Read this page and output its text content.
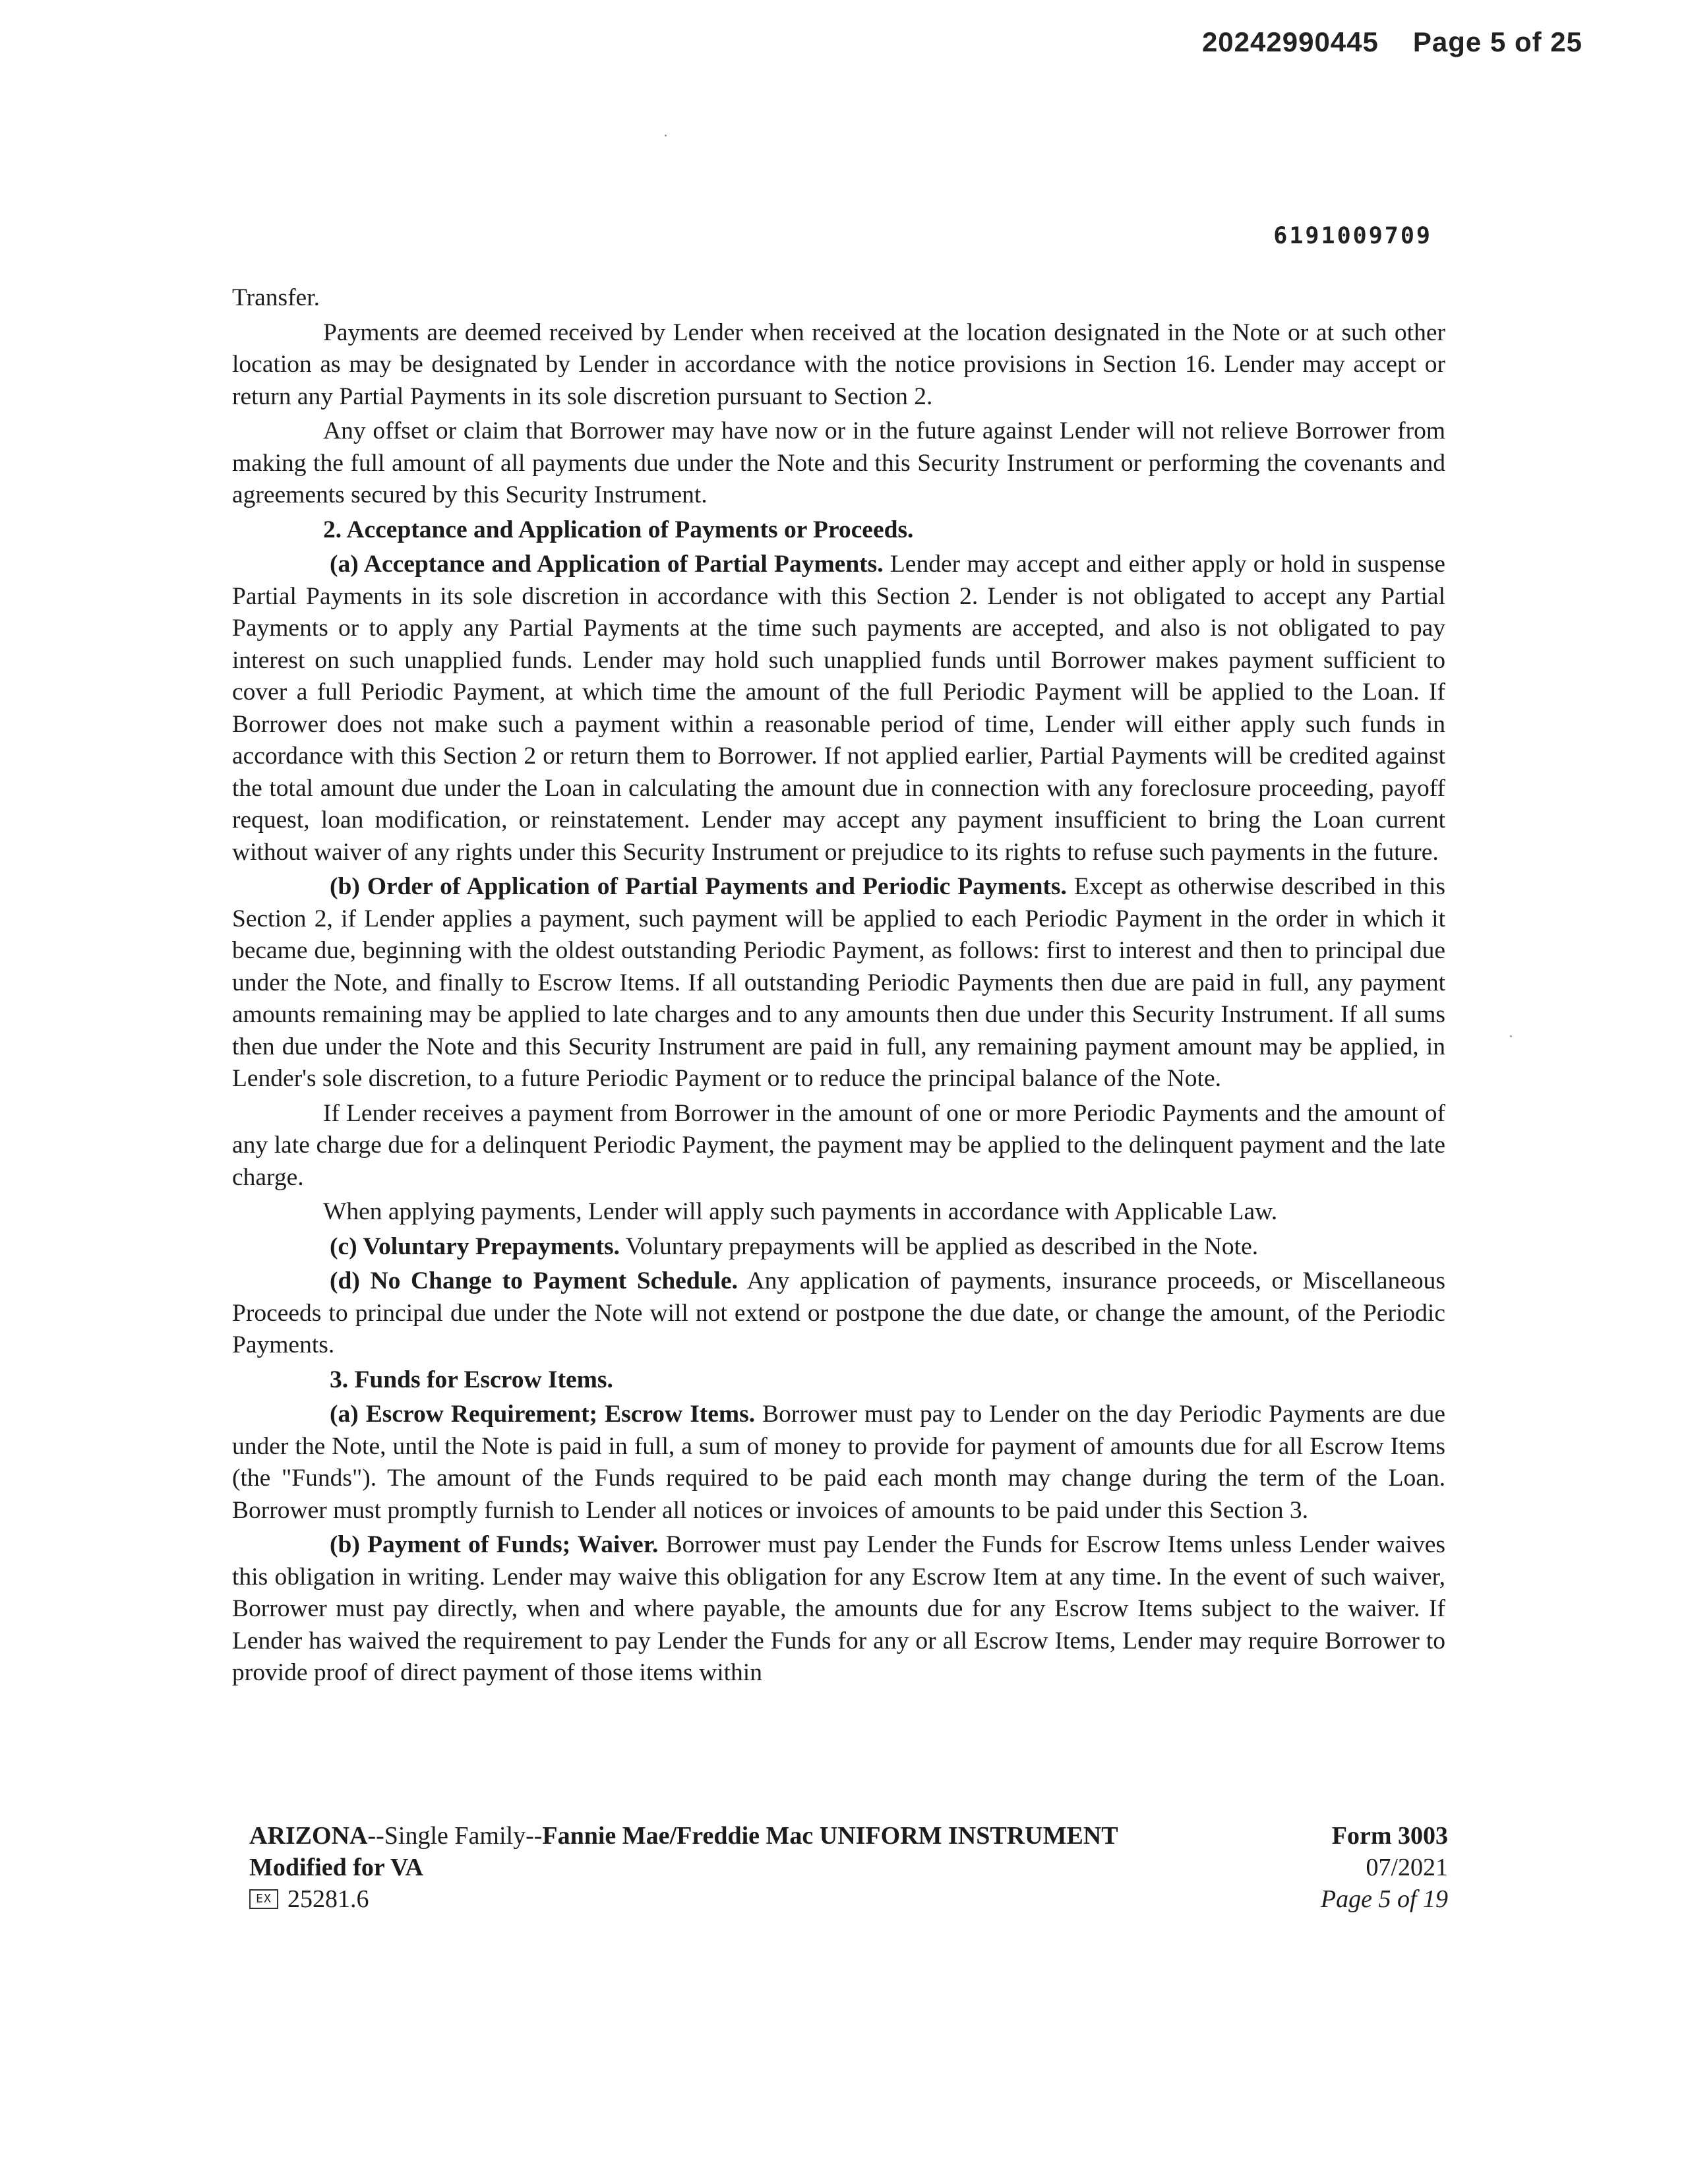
20242990445 Page 5 of 25
6191009709

Transfer.

Payments are deemed received by Lender when received at the location designated in the Note or at such other location as may be designated by Lender in accordance with the notice provisions in Section 16. Lender may accept or return any Partial Payments in its sole discretion pursuant to Section 2.

Any offset or claim that Borrower may have now or in the future against Lender will not relieve Borrower from making the full amount of all payments due under the Note and this Security Instrument or performing the covenants and agreements secured by this Security Instrument.

2. Acceptance and Application of Payments or Proceeds.

(a) Acceptance and Application of Partial Payments. Lender may accept and either apply or hold in suspense Partial Payments in its sole discretion in accordance with this Section 2. Lender is not obligated to accept any Partial Payments or to apply any Partial Payments at the time such payments are accepted, and also is not obligated to pay interest on such unapplied funds. Lender may hold such unapplied funds until Borrower makes payment sufficient to cover a full Periodic Payment, at which time the amount of the full Periodic Payment will be applied to the Loan. If Borrower does not make such a payment within a reasonable period of time, Lender will either apply such funds in accordance with this Section 2 or return them to Borrower. If not applied earlier, Partial Payments will be credited against the total amount due under the Loan in calculating the amount due in connection with any foreclosure proceeding, payoff request, loan modification, or reinstatement. Lender may accept any payment insufficient to bring the Loan current without waiver of any rights under this Security Instrument or prejudice to its rights to refuse such payments in the future.

(b) Order of Application of Partial Payments and Periodic Payments. Except as otherwise described in this Section 2, if Lender applies a payment, such payment will be applied to each Periodic Payment in the order in which it became due, beginning with the oldest outstanding Periodic Payment, as follows: first to interest and then to principal due under the Note, and finally to Escrow Items. If all outstanding Periodic Payments then due are paid in full, any payment amounts remaining may be applied to late charges and to any amounts then due under this Security Instrument. If all sums then due under the Note and this Security Instrument are paid in full, any remaining payment amount may be applied, in Lender's sole discretion, to a future Periodic Payment or to reduce the principal balance of the Note.

If Lender receives a payment from Borrower in the amount of one or more Periodic Payments and the amount of any late charge due for a delinquent Periodic Payment, the payment may be applied to the delinquent payment and the late charge.

When applying payments, Lender will apply such payments in accordance with Applicable Law.

(c) Voluntary Prepayments. Voluntary prepayments will be applied as described in the Note.

(d) No Change to Payment Schedule. Any application of payments, insurance proceeds, or Miscellaneous Proceeds to principal due under the Note will not extend or postpone the due date, or change the amount, of the Periodic Payments.

3. Funds for Escrow Items.

(a) Escrow Requirement; Escrow Items. Borrower must pay to Lender on the day Periodic Payments are due under the Note, until the Note is paid in full, a sum of money to provide for payment of amounts due for all Escrow Items (the "Funds"). The amount of the Funds required to be paid each month may change during the term of the Loan. Borrower must promptly furnish to Lender all notices or invoices of amounts to be paid under this Section 3.

(b) Payment of Funds; Waiver. Borrower must pay Lender the Funds for Escrow Items unless Lender waives this obligation in writing. Lender may waive this obligation for any Escrow Item at any time. In the event of such waiver, Borrower must pay directly, when and where payable, the amounts due for any Escrow Items subject to the waiver. If Lender has waived the requirement to pay Lender the Funds for any or all Escrow Items, Lender may require Borrower to provide proof of direct payment of those items within

ARIZONA--Single Family--Fannie Mae/Freddie Mac UNIFORM INSTRUMENT
Modified for VA
EX 25281.6
Form 3003
07/2021
Page 5 of 19
